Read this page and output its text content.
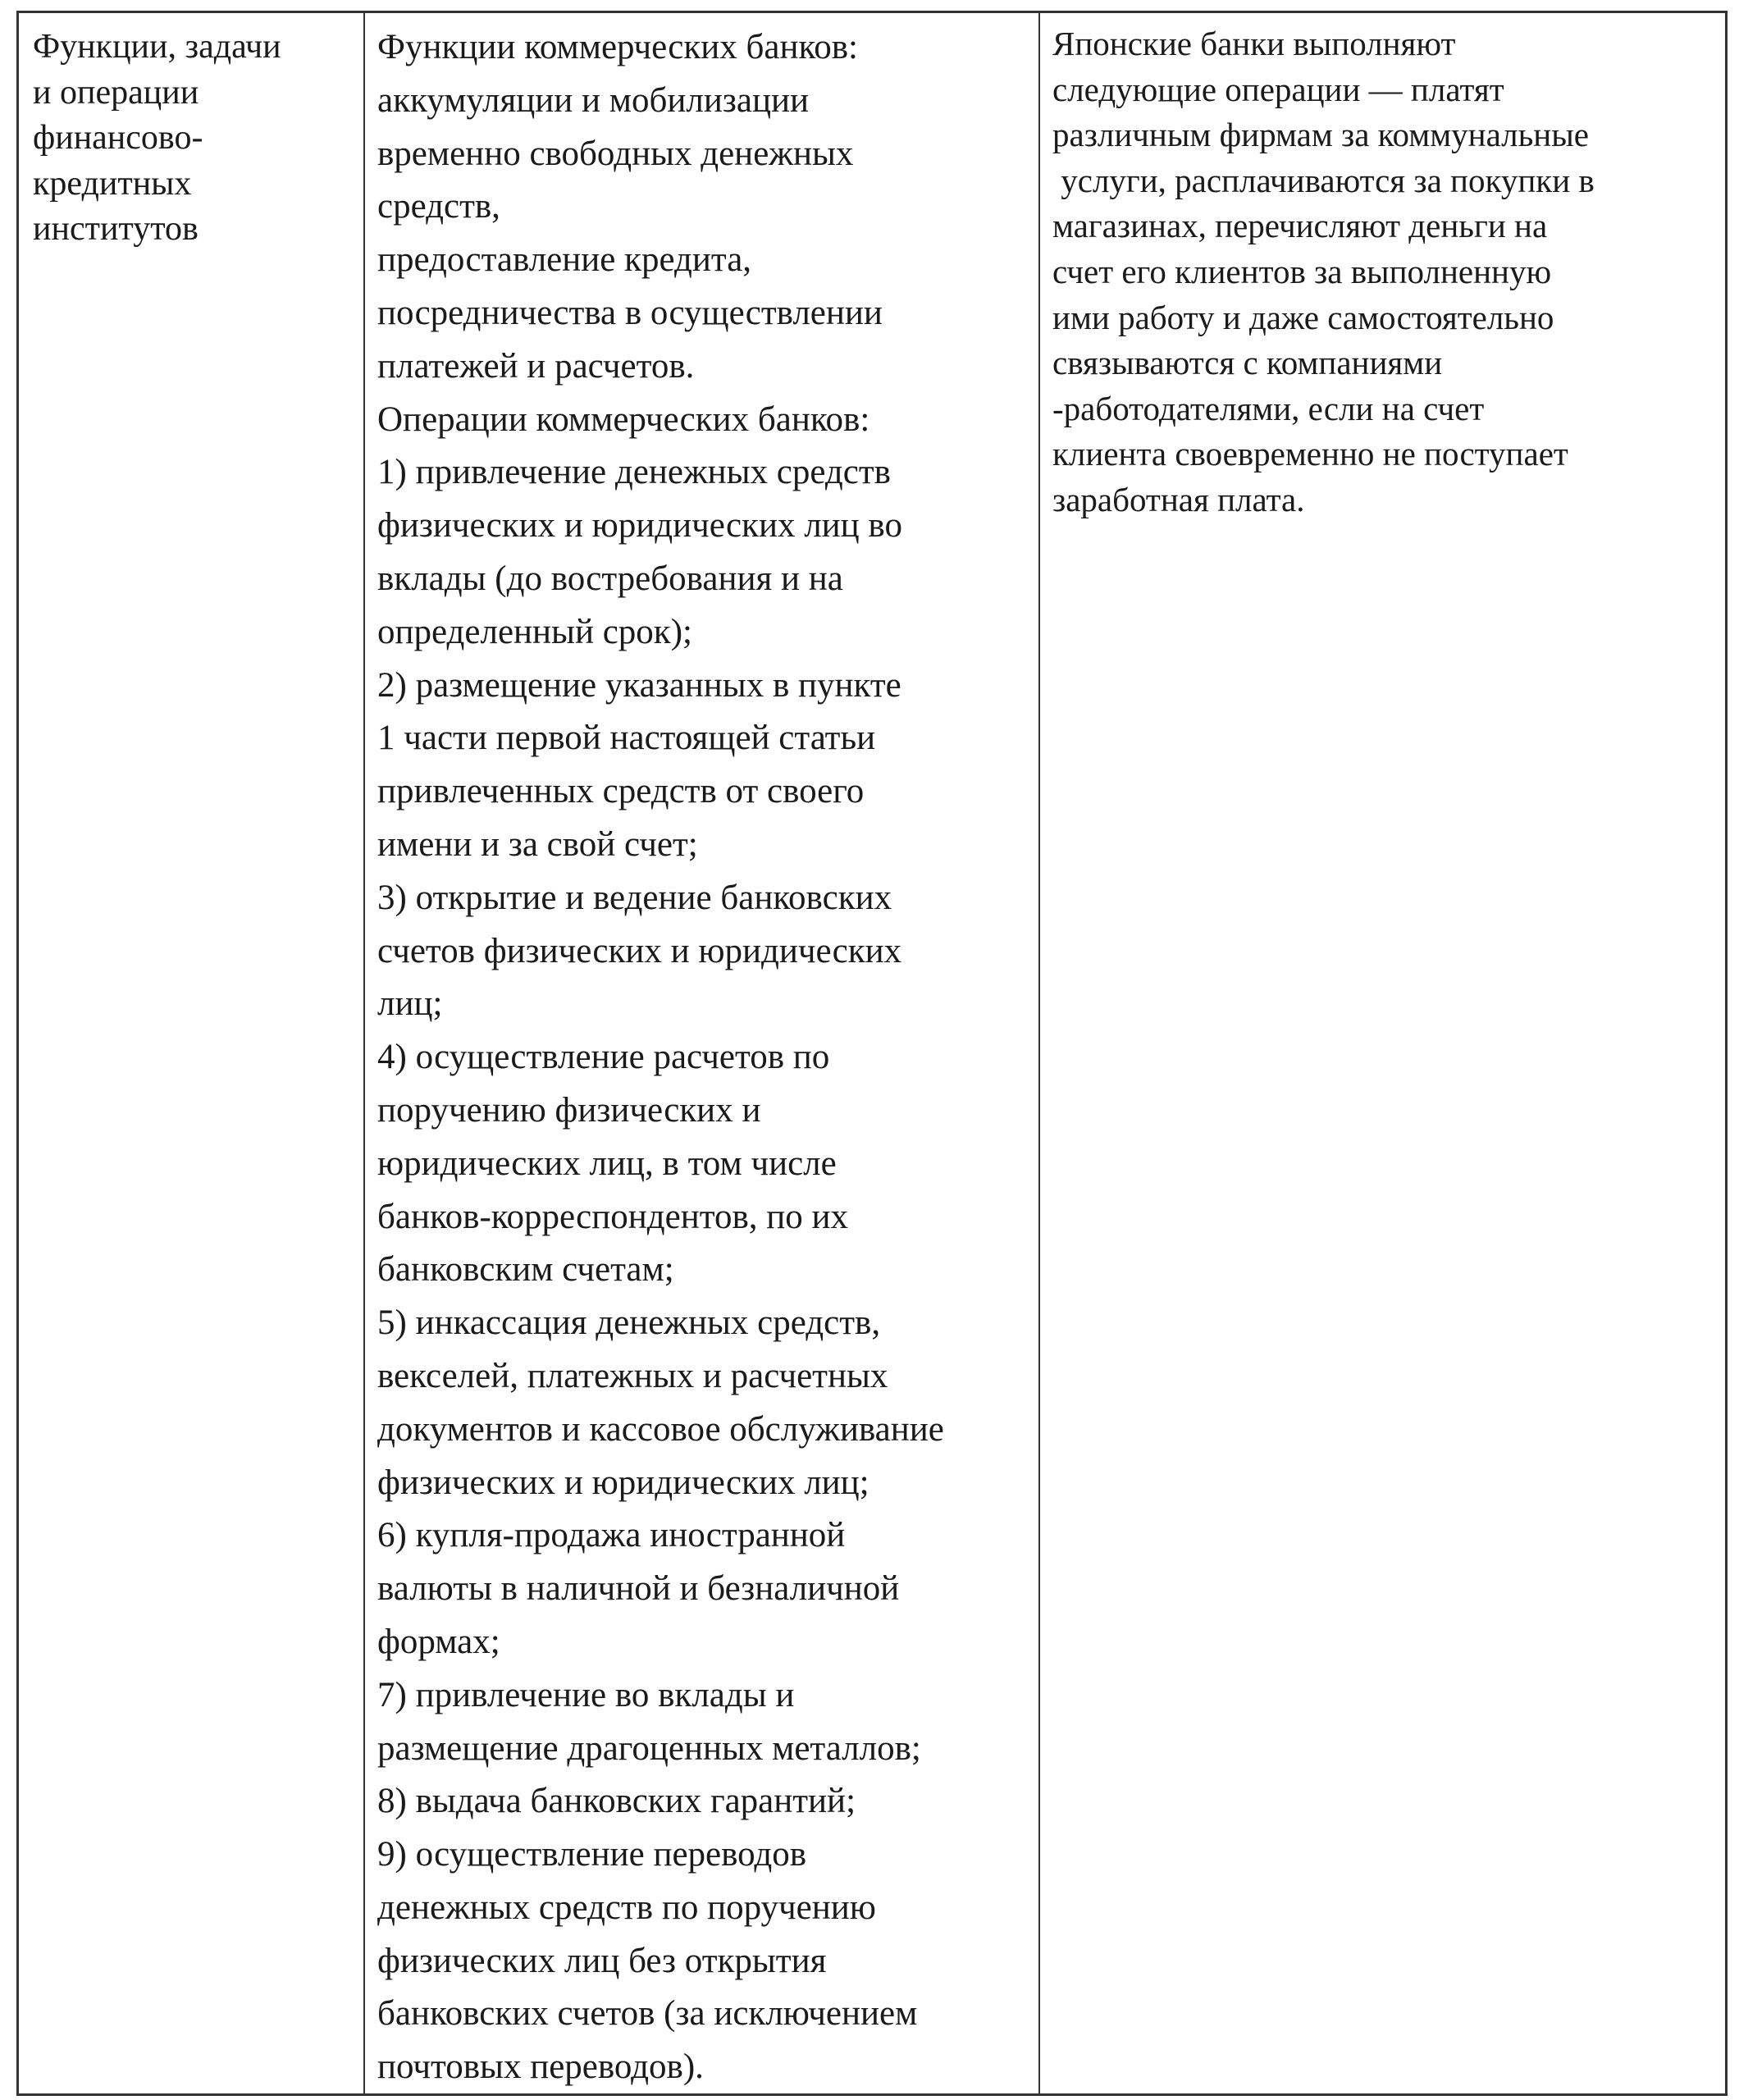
Функции, задачи
и операции
финансово-
кредитных
институтов
Функции коммерческих банков:
аккумуляции и мобилизации
временно свободных денежных
средств,
предоставление кредита,
посредничества в осуществлении
платежей и расчетов.
Операции коммерческих банков:
1) привлечение денежных средств
физических и юридических лиц во
вклады (до востребования и на
определенный срок);
2) размещение указанных в пункте
1 части первой настоящей статьи
привлеченных средств от своего
имени и за свой счет;
3) открытие и ведение банковских
счетов физических и юридических
лиц;
4) осуществление расчетов по
поручению физических и
юридических лиц, в том числе
банков-корреспондентов, по их
банковским счетам;
5) инкассация денежных средств,
векселей, платежных и расчетных
документов и кассовое обслуживание
физических и юридических лиц;
6) купля-продажа иностранной
валюты в наличной и безналичной
формах;
7) привлечение во вклады и
размещение драгоценных металлов;
8) выдача банковских гарантий;
9) осуществление переводов
денежных средств по поручению
физических лиц без открытия
банковских счетов (за исключением
почтовых переводов).
Японские банки выполняют
следующие операции — платят
различным фирмам за коммунальные
услуги, расплачиваются за покупки в
магазинах, перечисляют деньги на
счет его клиентов за выполненную
ими работу и даже самостоятельно
связываются с компаниями
-работодателями, если на счет
клиента своевременно не поступает
заработная плата.
